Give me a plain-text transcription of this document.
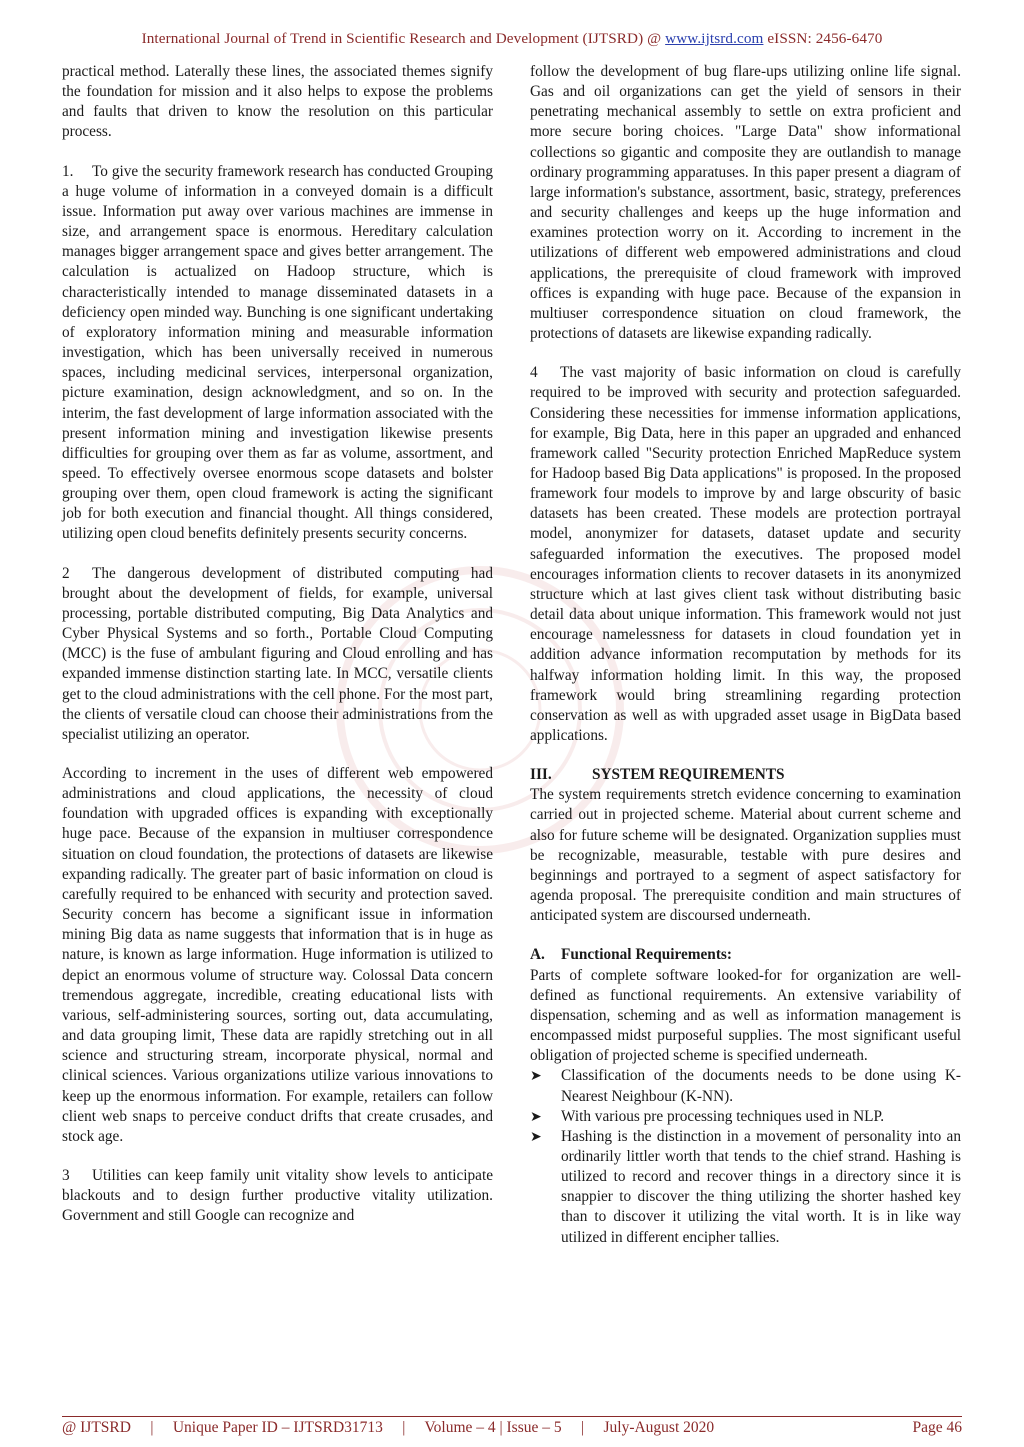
International Journal of Trend in Scientific Research and Development (IJTSRD) @ www.ijtsrd.com eISSN: 2456-6470

practical method. Laterally these lines, the associated themes signify the foundation for mission and it also helps to expose the problems and faults that driven to know the resolution on this particular process.

1. To give the security framework research has conducted Grouping a huge volume of information in a conveyed domain is a difficult issue. Information put away over various machines are immense in size, and arrangement space is enormous. Hereditary calculation manages bigger arrangement space and gives better arrangement. The calculation is actualized on Hadoop structure, which is characteristically intended to manage disseminated datasets in a deficiency open minded way. Bunching is one significant undertaking of exploratory information mining and measurable information investigation, which has been universally received in numerous spaces, including medicinal services, interpersonal organization, picture examination, design acknowledgment, and so on. In the interim, the fast development of large information associated with the present information mining and investigation likewise presents difficulties for grouping over them as far as volume, assortment, and speed. To effectively oversee enormous scope datasets and bolster grouping over them, open cloud framework is acting the significant job for both execution and financial thought. All things considered, utilizing open cloud benefits definitely presents security concerns.

2 The dangerous development of distributed computing had brought about the development of fields, for example, universal processing, portable distributed computing, Big Data Analytics and Cyber Physical Systems and so forth., Portable Cloud Computing (MCC) is the fuse of ambulant figuring and Cloud enrolling and has expanded immense distinction starting late. In MCC, versatile clients get to the cloud administrations with the cell phone. For the most part, the clients of versatile cloud can choose their administrations from the specialist utilizing an operator.

According to increment in the uses of different web empowered administrations and cloud applications, the necessity of cloud foundation with upgraded offices is expanding with exceptionally huge pace. Because of the expansion in multiuser correspondence situation on cloud foundation, the protections of datasets are likewise expanding radically. The greater part of basic information on cloud is carefully required to be enhanced with security and protection saved. Security concern has become a significant issue in information mining Big data as name suggests that information that is in huge as nature, is known as large information. Huge information is utilized to depict an enormous volume of structure way. Colossal Data concern tremendous aggregate, incredible, creating educational lists with various, self-administering sources, sorting out, data accumulating, and data grouping limit, These data are rapidly stretching out in all science and structuring stream, incorporate physical, normal and clinical sciences. Various organizations utilize various innovations to keep up the enormous information. For example, retailers can follow client web snaps to perceive conduct drifts that create crusades, and stock age.

3 Utilities can keep family unit vitality show levels to anticipate blackouts and to design further productive vitality utilization. Government and still Google can recognize and

follow the development of bug flare-ups utilizing online life signal. Gas and oil organizations can get the yield of sensors in their penetrating mechanical assembly to settle on extra proficient and more secure boring choices. "Large Data" show informational collections so gigantic and composite they are outlandish to manage ordinary programming apparatuses. In this paper present a diagram of large information's substance, assortment, basic, strategy, preferences and security challenges and keeps up the huge information and examines protection worry on it. According to increment in the utilizations of different web empowered administrations and cloud applications, the prerequisite of cloud framework with improved offices is expanding with huge pace. Because of the expansion in multiuser correspondence situation on cloud framework, the protections of datasets are likewise expanding radically.

4 The vast majority of basic information on cloud is carefully required to be improved with security and protection safeguarded. Considering these necessities for immense information applications, for example, Big Data, here in this paper an upgraded and enhanced framework called "Security protection Enriched MapReduce system for Hadoop based Big Data applications" is proposed. In the proposed framework four models to improve by and large obscurity of basic datasets has been created. These models are protection portrayal model, anonymizer for datasets, dataset update and security safeguarded information the executives. The proposed model encourages information clients to recover datasets in its anonymized structure which at last gives client task without distributing basic detail data about unique information. This framework would not just encourage namelessness for datasets in cloud foundation yet in addition advance information recomputation by methods for its halfway information holding limit. In this way, the proposed framework would bring streamlining regarding protection conservation as well as with upgraded asset usage in BigData based applications.

III.	SYSTEM REQUIREMENTS

The system requirements stretch evidence concerning to examination carried out in projected scheme. Material about current scheme and also for future scheme will be designated. Organization supplies must be recognizable, measurable, testable with pure desires and beginnings and portrayed to a segment of aspect satisfactory for agenda proposal. The prerequisite condition and main structures of anticipated system are discoursed underneath.

A. Functional Requirements:

Parts of complete software looked-for for organization are well-defined as functional requirements. An extensive variability of dispensation, scheming and as well as information management is encompassed midst purposeful supplies. The most significant useful obligation of projected scheme is specified underneath.

➤ Classification of the documents needs to be done using K-Nearest Neighbour (K-NN).
➤ With various pre processing techniques used in NLP.
➤ Hashing is the distinction in a movement of personality into an ordinarily littler worth that tends to the chief strand. Hashing is utilized to record and recover things in a directory since it is snappier to discover the thing utilizing the shorter hashed key than to discover it utilizing the vital worth. It is in like way utilized in different encipher tallies.
@ IJTSRD     |     Unique Paper ID – IJTSRD31713     |     Volume – 4 | Issue – 5     |     July-August 2020	Page 46
